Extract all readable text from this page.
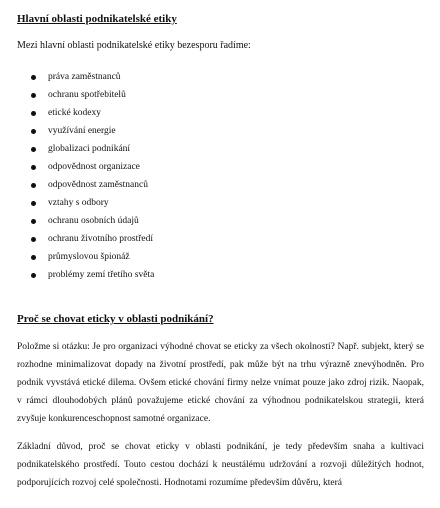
Hlavní oblasti podnikatelské etiky

Mezi hlavní oblasti podnikatelské etiky bezesporu řadíme:

práva zaměstnanců
ochranu spotřebitelů
etické kodexy
využívání energie
globalizaci podnikání
odpovědnost organizace
odpovědnost zaměstnanců
vztahy s odbory
ochranu osobních údajů
ochranu životního prostředí
průmyslovou špionáž
problémy zemí třetího světa

Proč se chovat eticky v oblasti podnikání?

Položme si otázku: Je pro organizaci výhodné chovat se eticky za všech okolností? Např. subjekt, který se rozhodne minimalizovat dopady na životní prostředí, pak může být na trhu výrazně znevýhodněn. Pro podnik vyvstává etické dilema. Ovšem etické chování firmy nelze vnímat pouze jako zdroj rizik. Naopak, v rámci dlouhodobých plánů považujeme etické chování za výhodnou podnikatelskou strategii, která zvyšuje konkurenceschopnost samotné organizace.

Základní důvod, proč se chovat eticky v oblasti podnikání, je tedy především snaha a kultivaci podnikatelského prostředí. Touto cestou dochází k neustálému udržování a rozvoji důležitých hodnot, podporujících rozvoj celé společnosti. Hodnotami rozumíme především důvěru, která
